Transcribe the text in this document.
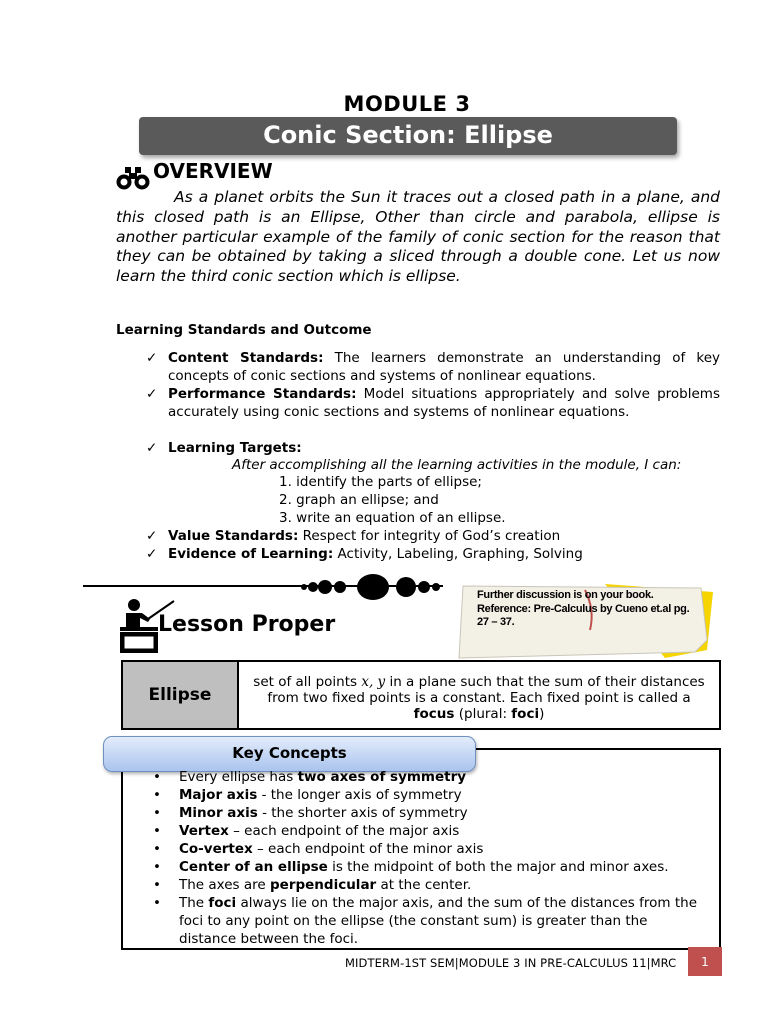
MODULE 3
Conic Section: Ellipse
OVERVIEW

As a planet orbits the Sun it traces out a closed path in a plane, and this closed path is an Ellipse, Other than circle and parabola, ellipse is another particular example of the family of conic section for the reason that they can be obtained by taking a sliced through a double cone. Let us now learn the third conic section which is ellipse.

Learning Standards and Outcome
✓ Content Standards: The learners demonstrate an understanding of key concepts of conic sections and systems of nonlinear equations.
✓ Performance Standards: Model situations appropriately and solve problems accurately using conic sections and systems of nonlinear equations.
✓ Learning Targets:
After accomplishing all the learning activities in the module, I can:
1. identify the parts of ellipse;
2. graph an ellipse; and
3. write an equation of an ellipse.
✓ Value Standards: Respect for integrity of God’s creation
✓ Evidence of Learning: Activity, Labeling, Graphing, Solving
Lesson Proper
Further discussion is on your book. Reference: Pre-Calculus by Cueno et.al pg. 27 – 37.
Ellipse
set of all points x, y in a plane such that the sum of their distances from two fixed points is a constant. Each fixed point is called a focus (plural: foci)
Key Concepts
• Every ellipse has two axes of symmetry
• Major axis - the longer axis of symmetry
• Minor axis - the shorter axis of symmetry
• Vertex – each endpoint of the major axis
• Co-vertex – each endpoint of the minor axis
• Center of an ellipse is the midpoint of both the major and minor axes.
• The axes are perpendicular at the center.
• The foci always lie on the major axis, and the sum of the distances from the foci to any point on the ellipse (the constant sum) is greater than the distance between the foci.
MIDTERM-1ST SEM|MODULE 3 IN PRE-CALCULUS 11|MRC	1
